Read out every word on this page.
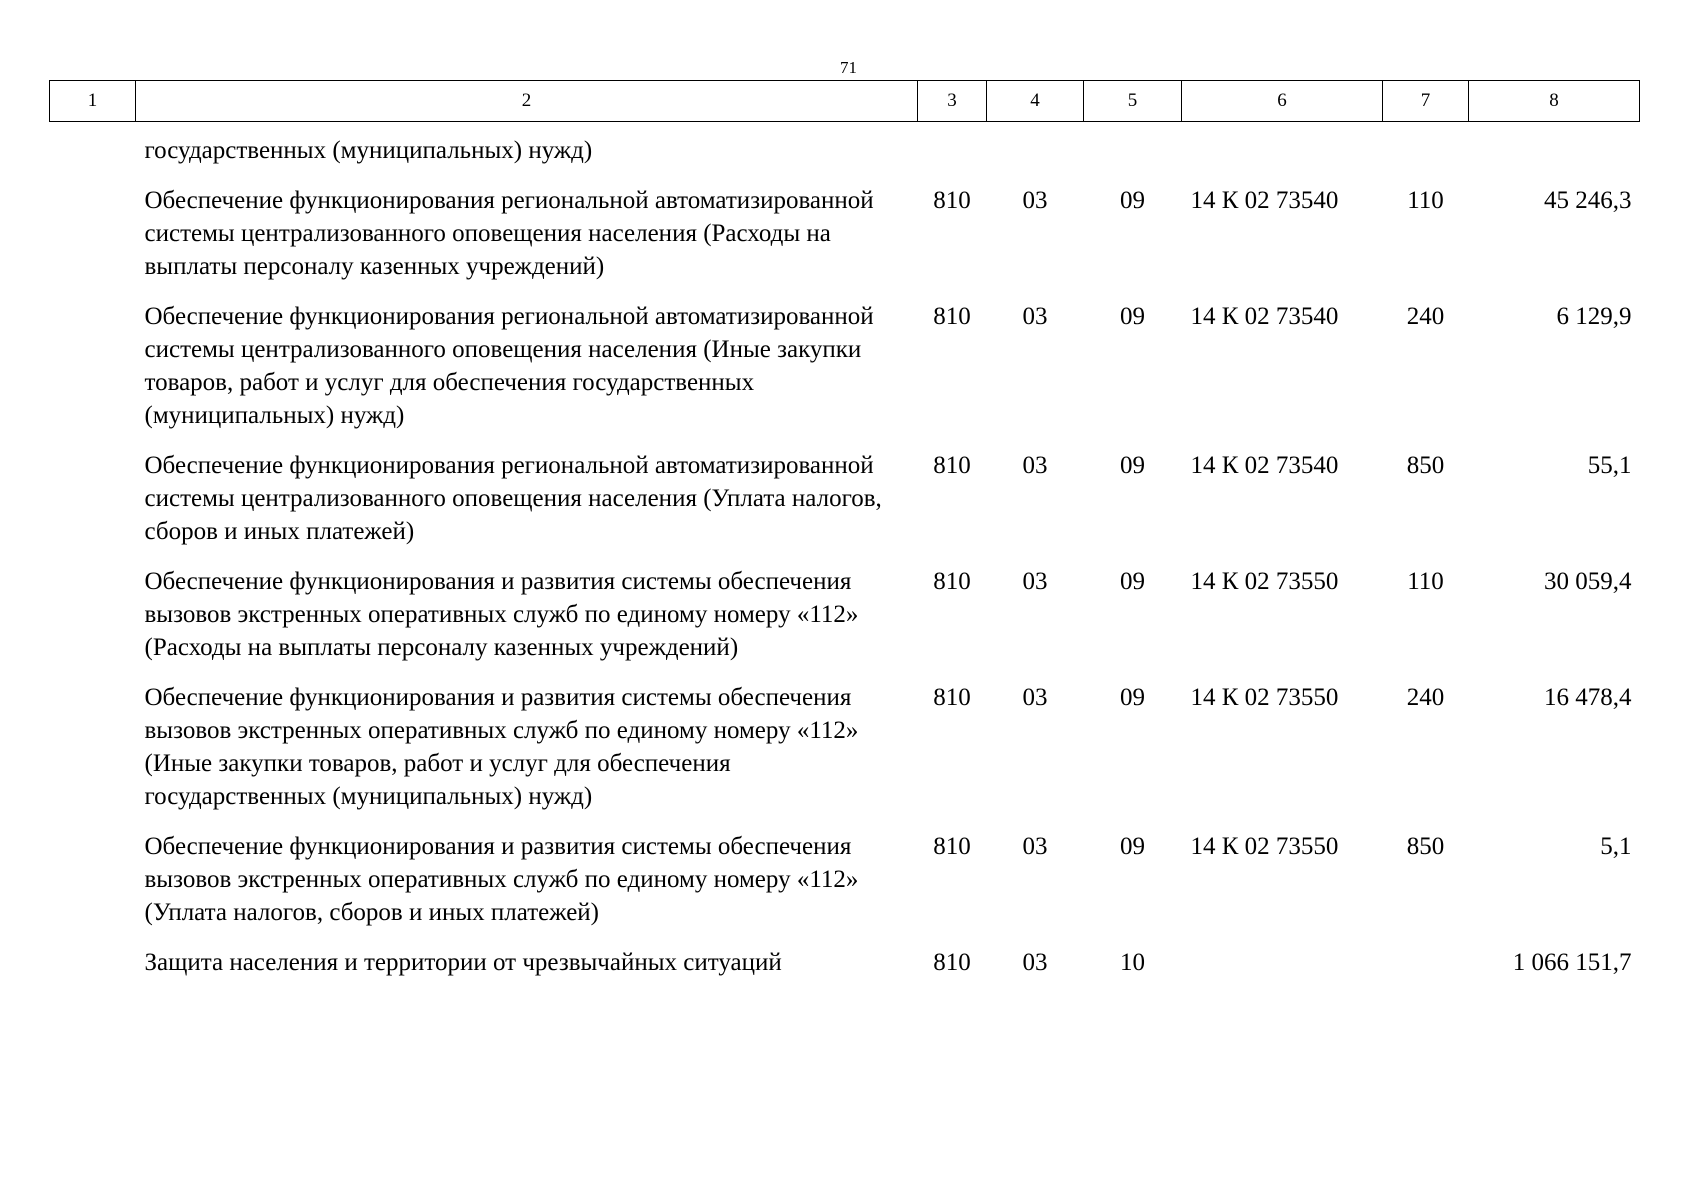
71
1	2	3	4	5	6	7	8
	государственных (муниципальных) нужд)						
	Обеспечение функционирования региональной автоматизированной системы централизованного оповещения населения (Расходы на выплаты персоналу казенных учреждений)	810	03	09	14 К 02 73540	110	45 246,3
	Обеспечение функционирования региональной автоматизированной системы централизованного оповещения населения (Иные закупки товаров, работ и услуг для обеспечения государственных (муниципальных) нужд)	810	03	09	14 К 02 73540	240	6 129,9
	Обеспечение функционирования региональной автоматизированной системы централизованного оповещения населения (Уплата налогов, сборов и иных платежей)	810	03	09	14 К 02 73540	850	55,1
	Обеспечение функционирования и развития системы обеспечения вызовов экстренных оперативных служб по единому номеру «112» (Расходы на выплаты персоналу казенных учреждений)	810	03	09	14 К 02 73550	110	30 059,4
	Обеспечение функционирования и развития системы обеспечения вызовов экстренных оперативных служб по единому номеру «112» (Иные закупки товаров, работ и услуг для обеспечения государственных (муниципальных) нужд)	810	03	09	14 К 02 73550	240	16 478,4
	Обеспечение функционирования и развития системы обеспечения вызовов экстренных оперативных служб по единому номеру «112» (Уплата налогов, сборов и иных платежей)	810	03	09	14 К 02 73550	850	5,1
	Защита населения и территории от чрезвычайных ситуаций	810	03	10			1 066 151,7
